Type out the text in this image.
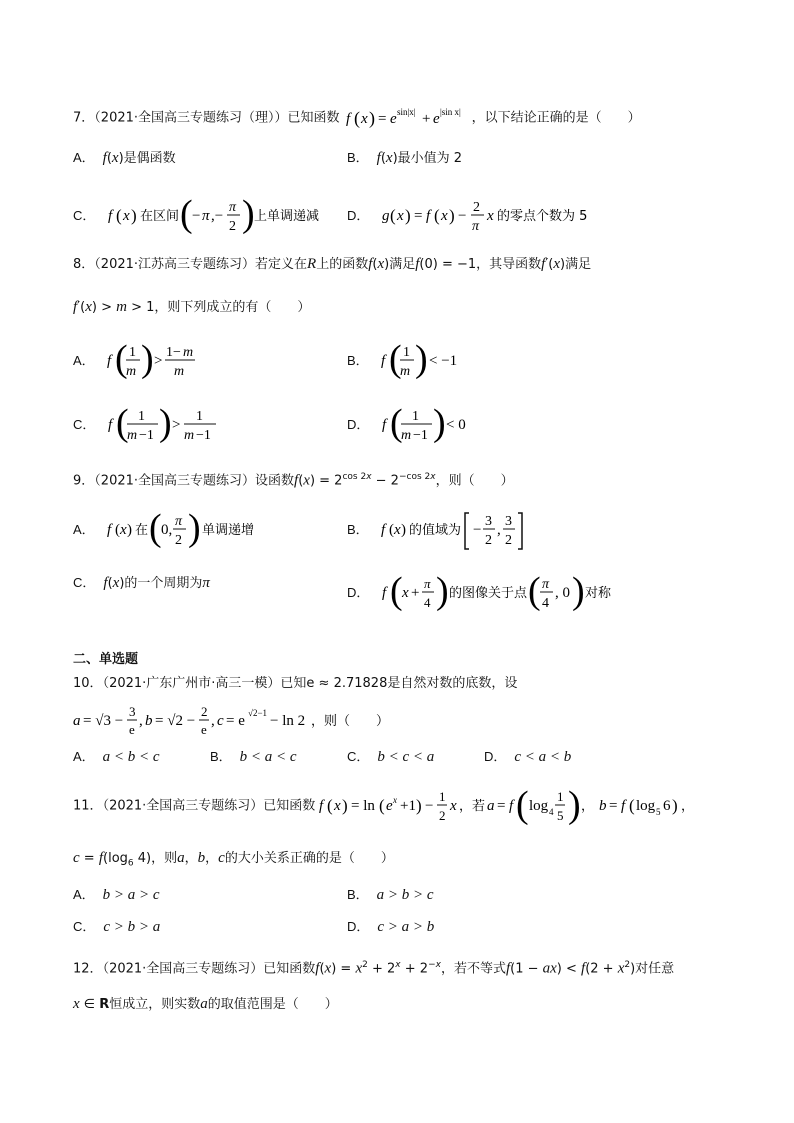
7．（2021·全国高三专题练习（理））已知函数 f ( x ) = e sin|x| + e |sin x| ，以下结论正确的是（　　）
A． f(x)是偶函数	B． f(x)最小值为 2
C． f ( x ) 在区间 ( − π ,−
π
2 ) 上单调递减 D． g ( x ) = f ( x ) −
2
π
x 的零点个数为 5
8．（2021·江苏高三专题练习）若定义在R上的函数f(x)满足f(0) = −1，其导函数f′(x)满足
f′(x) > m > 1，则下列成立的有（　　）
A． f ( 1
m ) >
1− m
m
B． f ( 1
m ) < −1
C． f ( 1
m −1 ) >
1
m −1
D． f ( 1
m −1 ) < 0
9．（2021·全国高三专题练习）设函数$f(x) = 2^{cos 2x} - 2^{-cos 2x}$，则（　　）
A． f ( x ) 在 ( 0,
π
2 ) 单调递增	B． f ( x ) 的值域为 −
3
2
,
3
2
C． f(x)的一个周期为π
D． f ( x +
π
4 ) 的图像关于点 ( π
4
, 0 ) 对称
二、单选题
10．（2021·广东广州市·高三一模）已知e ≈ 2.71828是自然对数的底数，设
a = √3 −
3
e
, b = √2 −
2
e
, c = e √2−1 − ln 2 ，则（　　）
A． a < b < c	B． b < a < c	C． b < c < a	D． c < a < b
11．（2021·全国高三专题练习）已知函数 f ( x ) = ln ( e x +1 ) −
1
2
x ，若 a = f ( log 4
1
5 ) ， b = f ( log 5 6 ) ，
$c = f(\log_6$ 4)，则a，b，c的大小关系正确的是（　　）
A． b > a > c	B． a > b > c
C． c > b > a	D． c > a > b
12．（2021·全国高三专题练习）已知函数$f(x) = x^2 + 2^x + 2^{-x}$，若不等式$f(1 - ax) < f(2 + x^2)$对任意
x ∈ R恒成立，则实数a的取值范围是（　　）
